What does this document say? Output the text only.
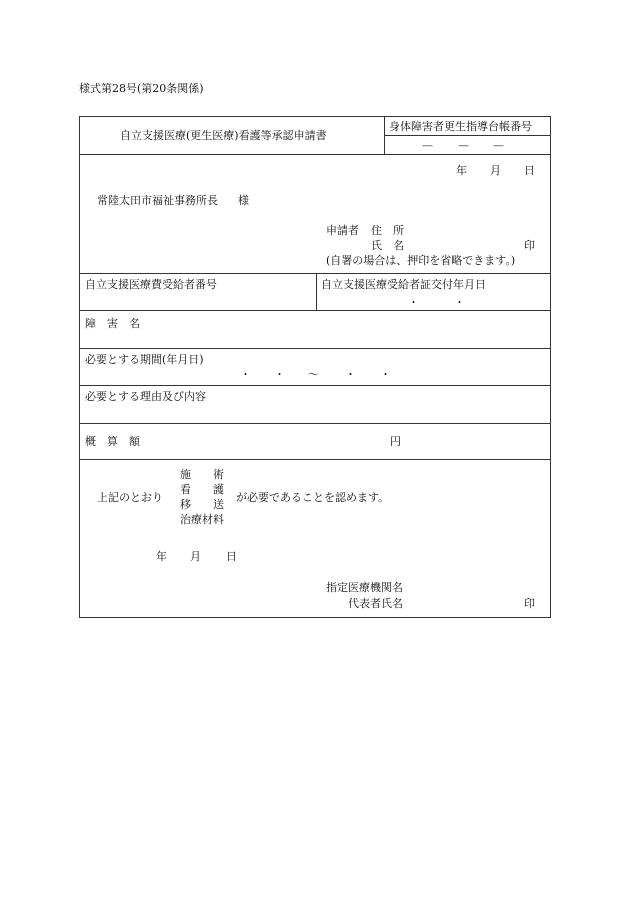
様式第28号(第20条関係)
自立支援医療(更生医療)看護等承認申請書
身体障害者更生指導台帳番号
— — —
年 月 日
常陸太田市福祉事務所長 様
申請者 住　所
氏　名	印
(自署の場合は、押印を省略できます。)
自立支援医療費受給者番号	自立支援医療受給者証交付年月日
・	・
障　害　名
必要とする期間(年月日)
・ ・ 〜 ・ ・
必要とする理由及び内容
概　算　額	円
上記のとおり
施　　術
看　　護
移　　送
治療材料
が必要であることを認めます。
年 月 日
指定医療機関名
代表者氏名	印
